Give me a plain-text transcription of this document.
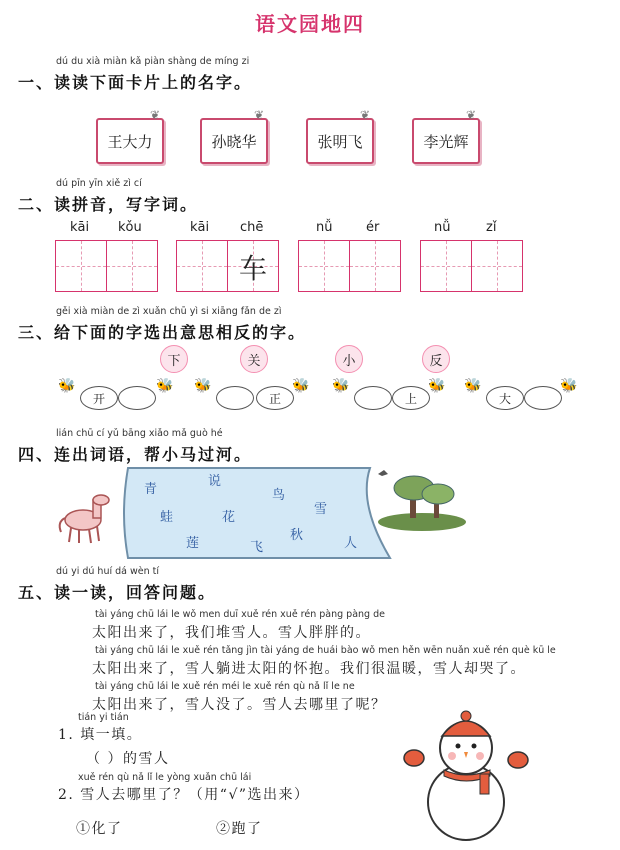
语文园地四
dú du xià miàn kǎ piàn shàng de míng zi
一、读读下面卡片上的名字。
❦
王大力
❦
孙晓华
❦
张明飞
❦
李光辉
dú pīn yīn xiě zì cí
二、读拼音，写字词。
kāi kǒu	kāi chē
车
nǚ	ér	nǚ	zǐ
gěi xià miàn de zì xuǎn chū yì si xiāng fǎn de zì
三、给下面的字选出意思相反的字。
下	关	小	反
🐝
开
🐝 🐝
正
🐝 🐝
上
🐝 🐝
大
🐝
lián chū cí yǔ bāng xiǎo mǎ guò hé
四、连出词语，帮小马过河。
青
说
鸟
雪
蛙	花
莲	飞
秋
人
dú yi dú huí dá wèn tí
五、读一读，回答问题。
tài yáng chū lái le wǒ men duī xuě rén xuě rén pàng pàng de
太阳出来了，我们堆雪人。雪人胖胖的。
tài yáng chū lái le xuě rén tǎng jìn tài yáng de huái bào wǒ men hěn wēn nuǎn xuě rén què kū le
太阳出来了，雪人躺进太阳的怀抱。我们很温暖，雪人却哭了。
tài yáng chū lái le xuě rén méi le xuě rén qù nǎ lǐ le ne
太阳出来了，雪人没了。雪人去哪里了呢？
tián yi tián
1. 填一填。
（ ）的雪人
xuě rén qù nǎ lǐ le yòng xuǎn chū lái
2. 雪人去哪里了？（用“√”选出来）
①化了	②跑了
